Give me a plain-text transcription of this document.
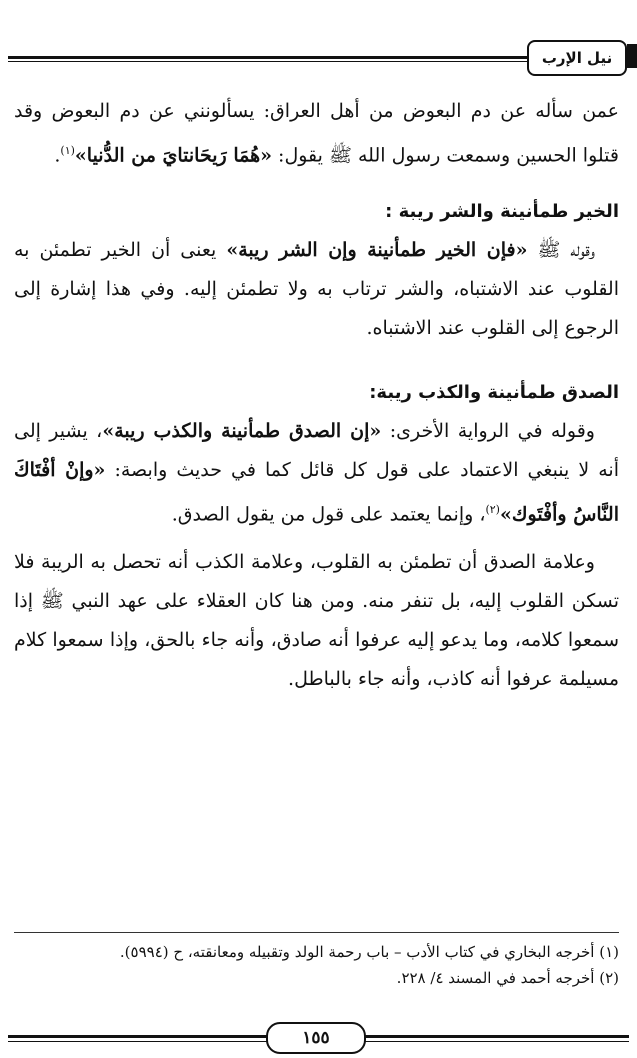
نيل الإرب

عمن سأله عن دم البعوض من أهل العراق: يسألونني عن دم البعوض وقد قتلوا الحسين وسمعت رسول الله ﷺ يقول: «هُمَا رَيحَانتايَ من الدُّنيا»$^{(١)}$.

الخير طمأنينة والشر ريبة :

وقوله ﷺ «فإن الخير طمأنينة وإن الشر ريبة» يعنى أن الخير تطمئن به القلوب عند الاشتباه، والشر ترتاب به ولا تطمئن إليه. وفي هذا إشارة إلى الرجوع إلى القلوب عند الاشتباه.

الصدق طمأنينة والكذب ريبة:

وقوله في الرواية الأخرى: «إن الصدق طمأنينة والكذب ريبة»، يشير إلى أنه لا ينبغي الاعتماد على قول كل قائل كما في حديث وابصة: «وإنْ أفْتَاكَ النَّاسُ وأفْتَوك»$^{(٢)}$، وإنما يعتمد على قول من يقول الصدق.

وعلامة الصدق أن تطمئن به القلوب، وعلامة الكذب أنه تحصل به الريبة فلا تسكن القلوب إليه، بل تنفر منه. ومن هنا كان العقلاء على عهد النبي ﷺ إذا سمعوا كلامه، وما يدعو إليه عرفوا أنه صادق، وأنه جاء بالحق، وإذا سمعوا كلام مسيلمة عرفوا أنه كاذب، وأنه جاء بالباطل.

(١) أخرجه البخاري في كتاب الأدب – باب رحمة الولد وتقبيله ومعانقته، ح (٥٩٩٤).

(٢) أخرجه أحمد في المسند ٤/ ٢٢٨.

١٥٥
